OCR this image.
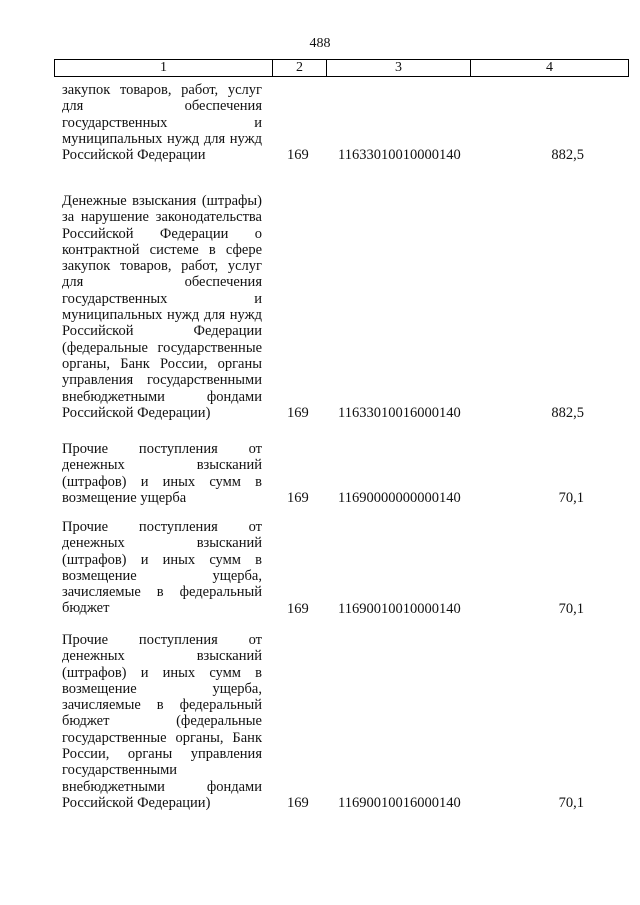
488
1	2	3	4
закупок товаров, работ, услуг
для обеспечения
государственных и
муниципальных нужд для нужд
Российской Федерации	169 11633010010000140	882,5
Денежные взыскания (штрафы)
за нарушение законодательства
Российской Федерации о
контрактной системе в сфере
закупок товаров, работ, услуг
для обеспечения
государственных и
муниципальных нужд для нужд
Российской Федерации
(федеральные государственные
органы, Банк России, органы
управления государственными
внебюджетными фондами
Российской Федерации)	169 11633010016000140	882,5
Прочие поступления от
денежных взысканий
(штрафов) и иных сумм в
возмещение ущерба	169 11690000000000140	70,1
Прочие поступления от
денежных взысканий
(штрафов) и иных сумм в
возмещение ущерба,
зачисляемые в федеральный
бюджет	169 11690010010000140	70,1
Прочие поступления от
денежных взысканий
(штрафов) и иных сумм в
возмещение ущерба,
зачисляемые в федеральный
бюджет (федеральные
государственные органы, Банк
России, органы управления
государственными
внебюджетными фондами
Российской Федерации)	169 11690010016000140	70,1
